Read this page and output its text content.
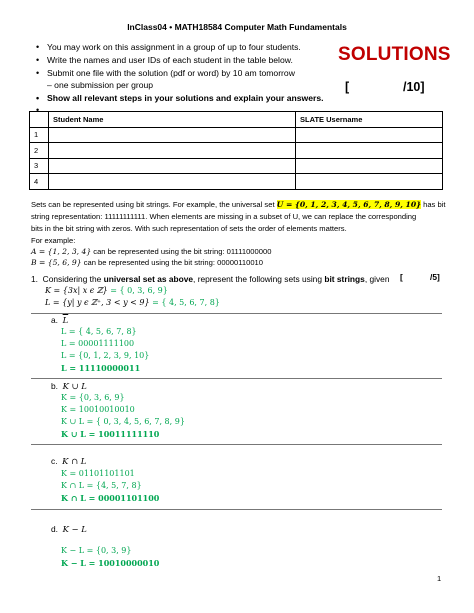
InClass04 • MATH18584 Computer Math Fundamentals
• You may work on this assignment in a group of up to four students.
• Write the names and user IDs of each student in the table below.
• Submit one file with the solution (pdf or word) by 10 am tomorrow
– one submission per group
• Show all relevant steps in your solutions and explain your answers.
SOLUTIONS
[	/10]
	Student Name	SLATE Username
1		
2		
3		
4		
Sets can be represented using bit strings. For example, the universal set U = {0, 1, 2, 3, 4, 5, 6, 7, 8, 9, 10} has bit
string representation: 11111111111. When elements are missing in a subset of U, we can replace the corresponding
bits in the bit string with zeros. With such representation of sets the order of elements matters.
For example:
A = {1, 2, 3, 4} can be represented using the bit string: 01111000000
B = {5, 6, 9} can be represented using the bit string: 00000110010
1. Considering the universal set as above, represent the following sets using bit strings, given [	/5]
K = {3x| x ϵ ℤ} = { 0, 3, 6, 9}
L = {y| y ϵ ℤ⁺, 3 < y < 9} = { 4, 5, 6, 7, 8}
a. $\overline{L}$
L = { 4, 5, 6, 7, 8}
L = 00001111100
L = {0, 1, 2, 3, 9, 10}
L = 11110000011
b. K ∪ L
K = {0, 3, 6, 9}
K = 10010010010
K ∪ L = { 0, 3, 4, 5, 6, 7, 8, 9}
K ∪ L = 10011111110
c. K ∩ L
K = 01101101101
K ∩ L = {4, 5, 7, 8}
K ∩ L = 00001101100
d. K − L
K − L = {0, 3, 9}
K − L = 10010000010
1
